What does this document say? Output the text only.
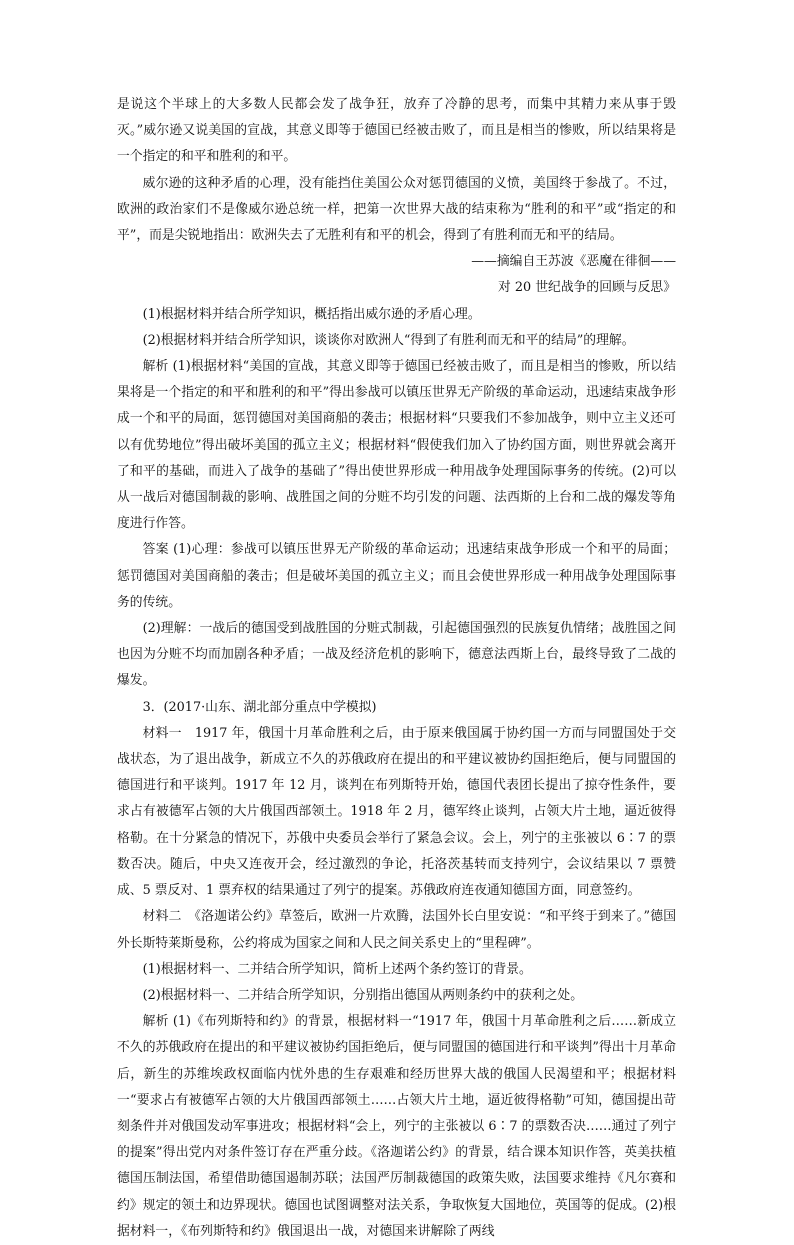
是说这个半球上的大多数人民都会发了战争狂，放弃了冷静的思考，而集中其精力来从事于毁灭。”威尔逊又说美国的宣战，其意义即等于德国已经被击败了，而且是相当的惨败，所以结果将是一个指定的和平和胜利的和平。

威尔逊的这种矛盾的心理，没有能挡住美国公众对惩罚德国的义愤，美国终于参战了。不过，欧洲的政治家们不是像威尔逊总统一样，把第一次世界大战的结束称为“胜利的和平”或“指定的和平”，而是尖锐地指出：欧洲失去了无胜利有和平的机会，得到了有胜利而无和平的结局。

——摘编自王苏波《恶魔在徘徊——

对 20 世纪战争的回顾与反思》

(1)根据材料并结合所学知识，概括指出威尔逊的矛盾心理。

(2)根据材料并结合所学知识，谈谈你对欧洲人“得到了有胜利而无和平的结局”的理解。

解析 (1)根据材料“美国的宣战，其意义即等于德国已经被击败了，而且是相当的惨败，所以结果将是一个指定的和平和胜利的和平”得出参战可以镇压世界无产阶级的革命运动，迅速结束战争形成一个和平的局面，惩罚德国对美国商船的袭击；根据材料“只要我们不参加战争，则中立主义还可以有优势地位”得出破坏美国的孤立主义；根据材料“假使我们加入了协约国方面，则世界就会离开了和平的基础，而进入了战争的基础了”得出使世界形成一种用战争处理国际事务的传统。(2)可以从一战后对德国制裁的影响、战胜国之间的分赃不均引发的问题、法西斯的上台和二战的爆发等角度进行作答。

答案 (1)心理：参战可以镇压世界无产阶级的革命运动；迅速结束战争形成一个和平的局面；惩罚德国对美国商船的袭击；但是破坏美国的孤立主义；而且会使世界形成一种用战争处理国际事务的传统。

(2)理解：一战后的德国受到战胜国的分赃式制裁，引起德国强烈的民族复仇情绪；战胜国之间也因为分赃不均而加剧各种矛盾；一战及经济危机的影响下，德意法西斯上台，最终导致了二战的爆发。

3．(2017·山东、湖北部分重点中学模拟)

材料一　1917 年，俄国十月革命胜利之后，由于原来俄国属于协约国一方而与同盟国处于交战状态，为了退出战争，新成立不久的苏俄政府在提出的和平建议被协约国拒绝后，便与同盟国的德国进行和平谈判。1917 年 12 月，谈判在布列斯特开始，德国代表团长提出了掠夺性条件，要求占有被德军占领的大片俄国西部领土。1918 年 2 月，德军终止谈判，占领大片土地，逼近彼得格勒。在十分紧急的情况下，苏俄中央委员会举行了紧急会议。会上，列宁的主张被以 6∶7 的票数否决。随后，中央又连夜开会，经过激烈的争论，托洛茨基转而支持列宁，会议结果以 7 票赞成、5 票反对、1 票弃权的结果通过了列宁的提案。苏俄政府连夜通知德国方面，同意签约。

材料二　《洛迦诺公约》草签后，欧洲一片欢腾，法国外长白里安说：“和平终于到来了。”德国外长斯特莱斯曼称，公约将成为国家之间和人民之间关系史上的“里程碑”。

(1)根据材料一、二并结合所学知识，简析上述两个条约签订的背景。

(2)根据材料一、二并结合所学知识，分别指出德国从两则条约中的获利之处。

解析 (1)《布列斯特和约》的背景，根据材料一“1917 年，俄国十月革命胜利之后……新成立不久的苏俄政府在提出的和平建议被协约国拒绝后，便与同盟国的德国进行和平谈判”得出十月革命后，新生的苏维埃政权面临内忧外患的生存艰难和经历世界大战的俄国人民渴望和平；根据材料一“要求占有被德军占领的大片俄国西部领土……占领大片土地，逼近彼得格勒”可知，德国提出苛刻条件并对俄国发动军事进攻；根据材料“会上，列宁的主张被以 6∶7 的票数否决……通过了列宁的提案”得出党内对条件签订存在严重分歧。《洛迦诺公约》的背景，结合课本知识作答，英美扶植德国压制法国，希望借助德国遏制苏联；法国严厉制裁德国的政策失败，法国要求维持《凡尔赛和约》规定的领土和边界现状。德国也试图调整对法关系，争取恢复大国地位，英国等的促成。(2)根据材料一，《布列斯特和约》俄国退出一战，对德国来讲解除了两线
